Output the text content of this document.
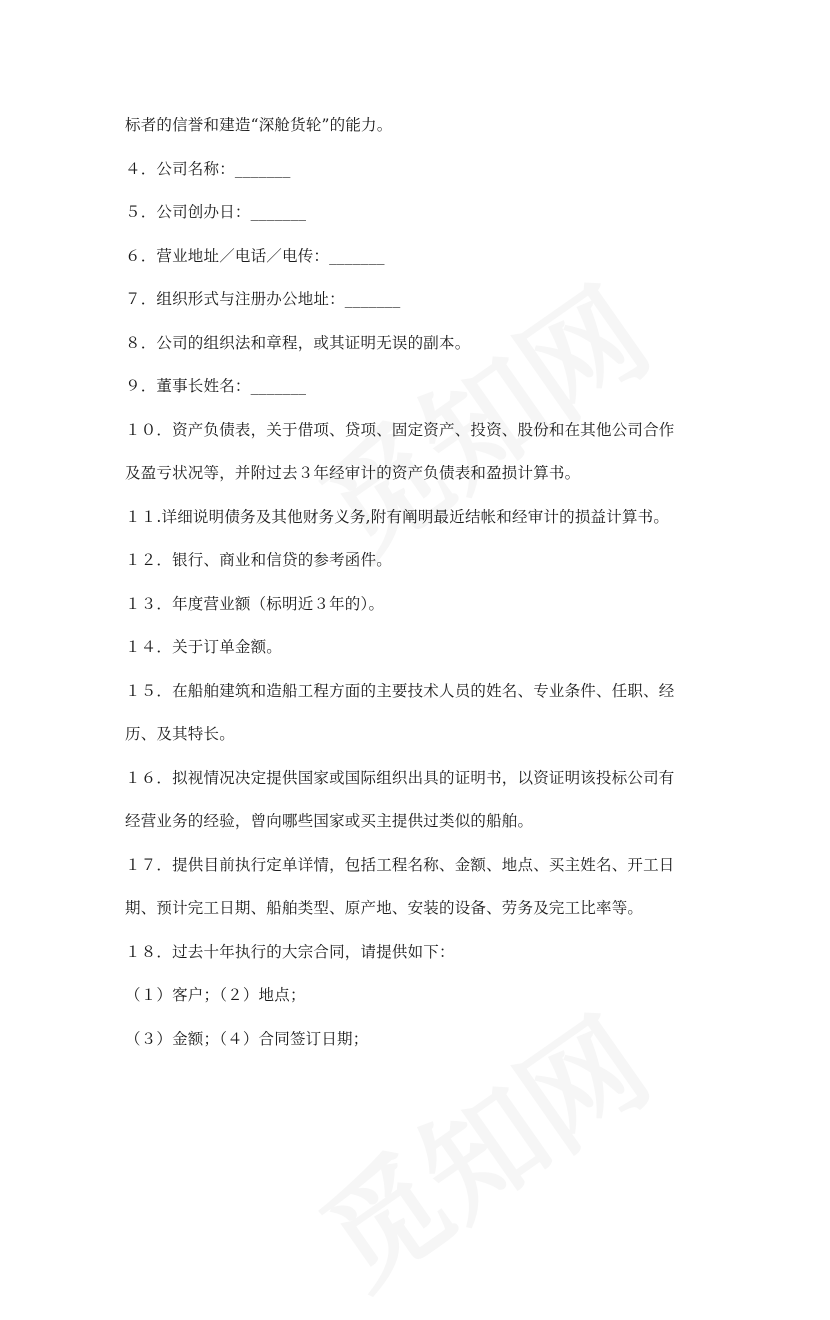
标者的信誉和建造“深舱货轮”的能力。
４．公司名称：_______
５．公司创办日：_______
６．营业地址／电话／电传：_______
７．组织形式与注册办公地址：_______
８．公司的组织法和章程，或其证明无误的副本。
９．董事长姓名：_______
１０．资产负债表，关于借项、贷项、固定资产、投资、股份和在其他公司合作
及盈亏状况等，并附过去３年经审计的资产负债表和盈损计算书。
１１.详细说明债务及其他财务义务,附有阐明最近结帐和经审计的损益计算书。
１２．银行、商业和信贷的参考函件。
１３．年度营业额（标明近３年的）。
１４．关于订单金额。
１５．在船舶建筑和造船工程方面的主要技术人员的姓名、专业条件、任职、经
历、及其特长。
１６．拟视情况决定提供国家或国际组织出具的证明书，以资证明该投标公司有
经营业务的经验，曾向哪些国家或买主提供过类似的船舶。
１７．提供目前执行定单详情，包括工程名称、金额、地点、买主姓名、开工日
期、预计完工日期、船舶类型、原产地、安装的设备、劳务及完工比率等。
１８．过去十年执行的大宗合同，请提供如下：
（１）客户；（２）地点；
（３）金额；（４）合同签订日期；
